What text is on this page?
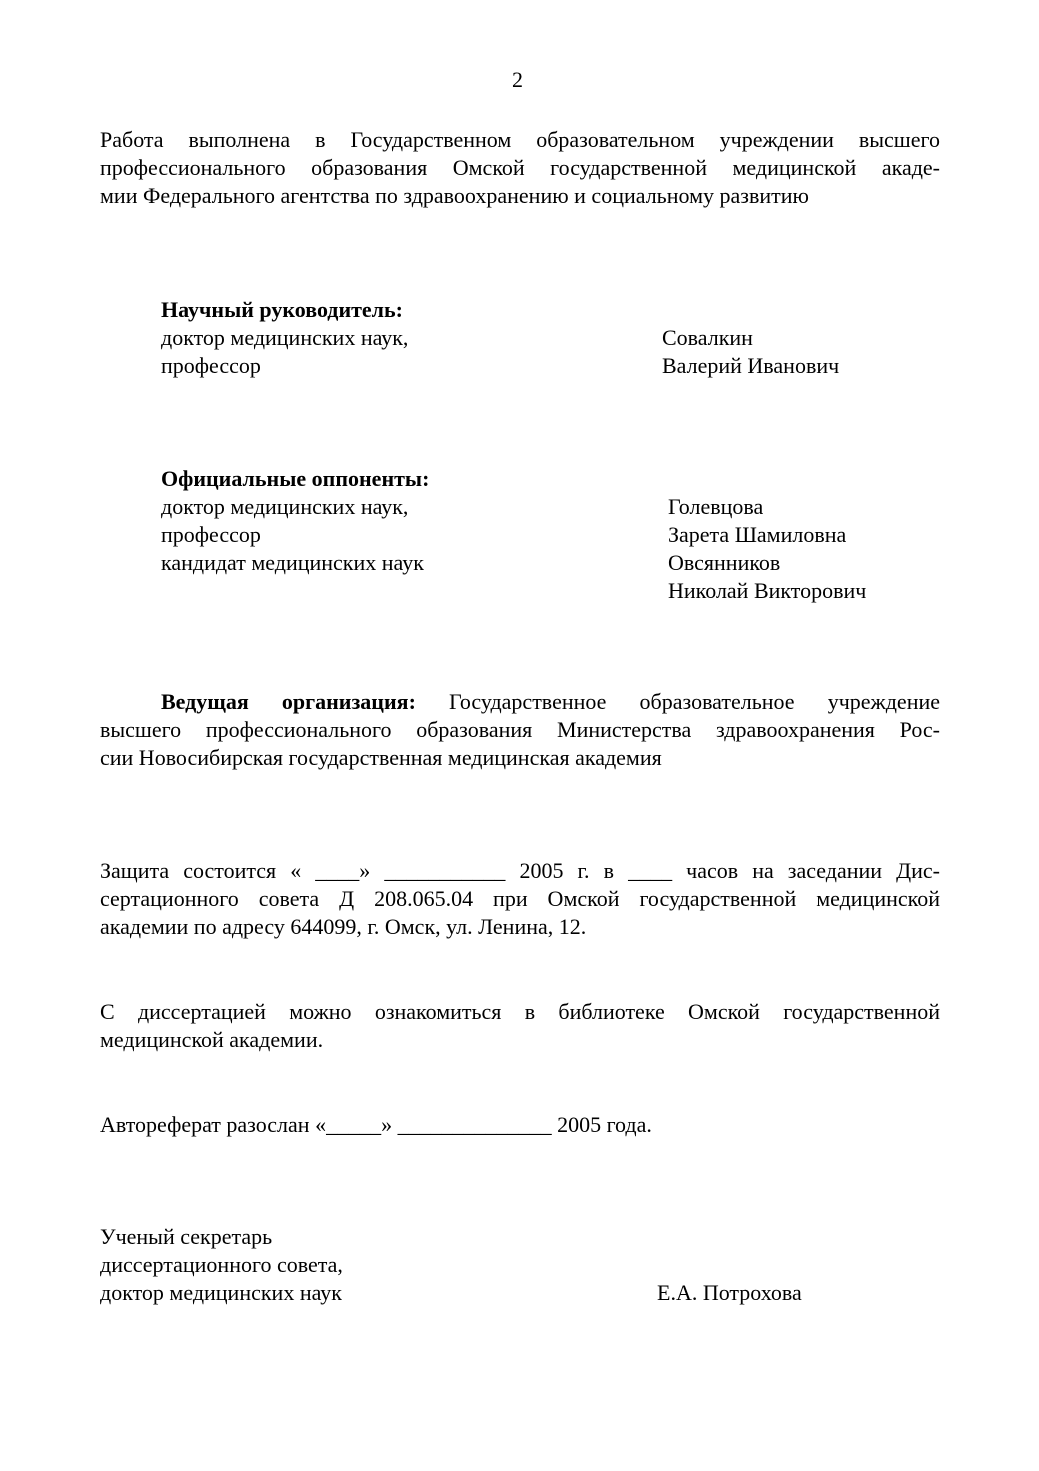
2
Работа выполнена в Государственном образовательном учреждении высшего
профессионального образования Омской государственной медицинской акаде-
мии Федерального агентства по здравоохранению и социальному развитию
Научный руководитель:
доктор медицинских наук,
профессор
Совалкин
Валерий Иванович
Официальные оппоненты:
доктор медицинских наук,
профессор
кандидат медицинских наук
Голевцова
Зарета Шамиловна
Овсянников
Николай Викторович
Ведущая организация: Государственное образовательное учреждение
высшего профессионального образования Министерства здравоохранения Рос-
сии Новосибирская государственная медицинская академия
Защита состоится « ____» ___________ 2005 г. в ____ часов на заседании Дис-
сертационного совета Д 208.065.04 при Омской государственной медицинской
академии по адресу 644099, г. Омск, ул. Ленина, 12.
С диссертацией можно ознакомиться в библиотеке Омской государственной
медицинской академии.
Автореферат разослан «_____» ______________ 2005 года.
Ученый секретарь
диссертационного совета,
доктор медицинских наук	Е.А. Потрохова
